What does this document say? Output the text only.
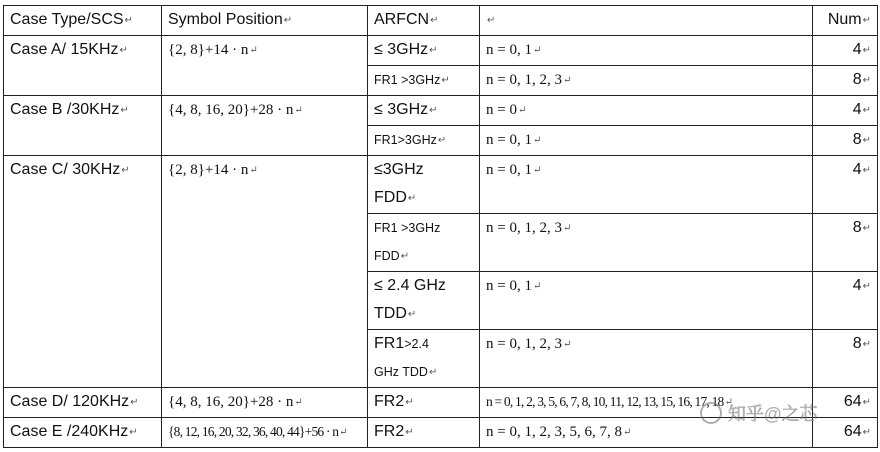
Case Type/SCS↵	Symbol Position↵	ARFCN↵	↵	Num↵
Case A/ 15KHz↵	{2, 8}+14 · n↵	≤ 3GHz↵	n = 0, 1↵	4↵
		FR1 >3GHz↵	n = 0, 1, 2, 3↵	8↵
Case B /30KHz↵	{4, 8, 16, 20}+28 · n↵	≤ 3GHz↵	n = 0↵	4↵
		FR1>3GHz↵	n = 0, 1↵	8↵
Case C/ 30KHz↵	{2, 8}+14 · n↵	≤3GHz
FDD↵	n = 0, 1↵	4↵
		FR1 >3GHz
FDD↵	n = 0, 1, 2, 3↵	8↵
		≤ 2.4 GHz
TDD↵	n = 0, 1↵	4↵
		FR1>2.4
GHz TDD↵	n = 0, 1, 2, 3↵	8↵
Case D/ 120KHz↵	{4, 8, 16, 20}+28 · n↵	FR2↵	n = 0, 1, 2, 3, 5, 6, 7, 8, 10, 11, 12, 13, 15, 16, 17, 18↵	64↵
Case E /240KHz↵	{8, 12, 16, 20, 32, 36, 40, 44}+56 · n↵	FR2↵	n = 0, 1, 2, 3, 5, 6, 7, 8↵	64↵
知乎@之芯
